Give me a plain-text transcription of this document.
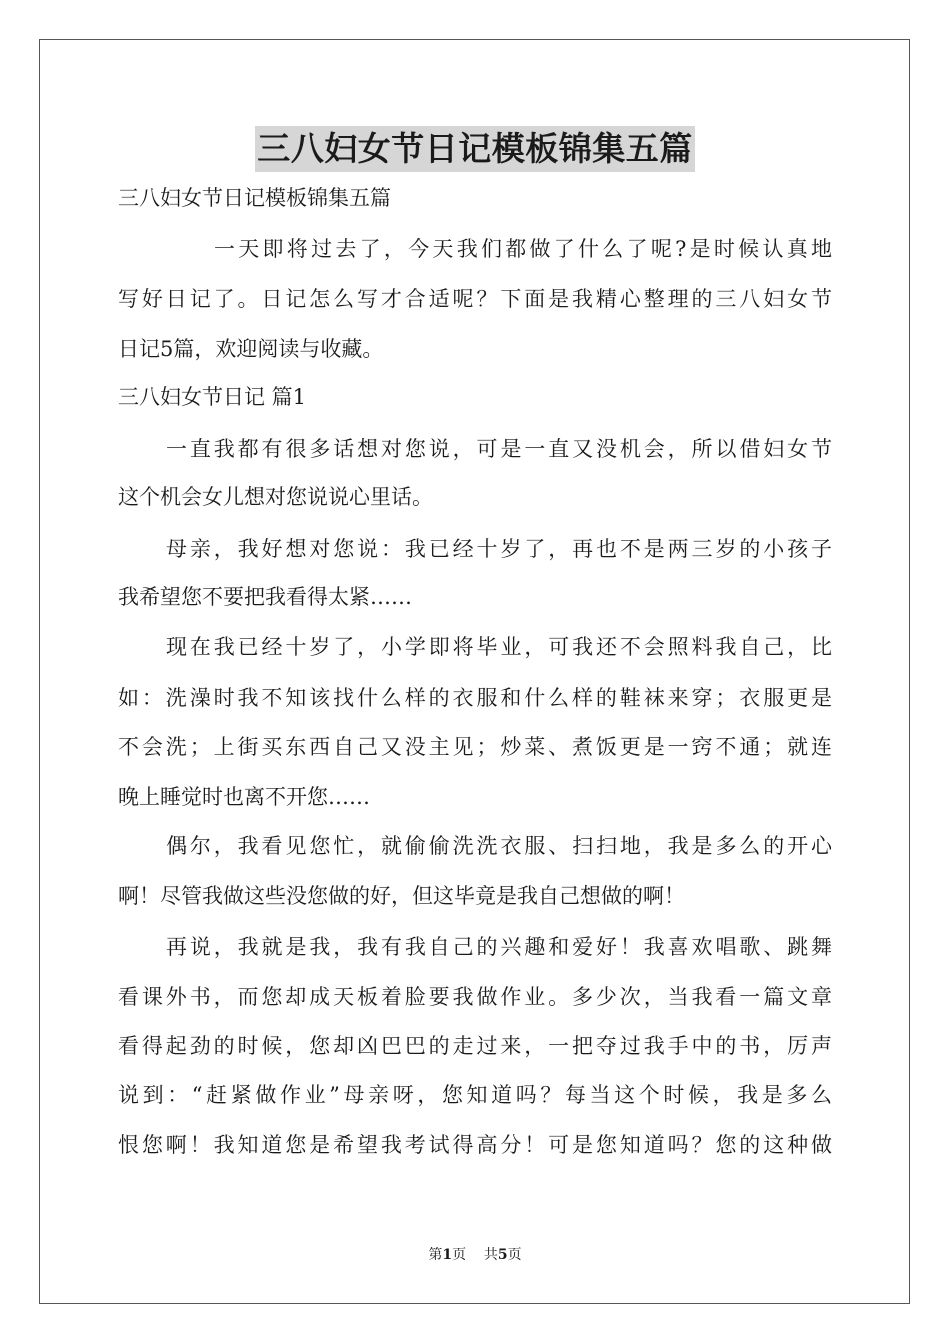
三八妇女节日记模板锦集五篇
三八妇女节日记模板锦集五篇
一天即将过去了，今天我们都做了什么了呢?是时候认真地
写好日记了。日记怎么写才合适呢？下面是我精心整理的三八妇女节
日记5篇，欢迎阅读与收藏。
三八妇女节日记 篇1
一直我都有很多话想对您说，可是一直又没机会，所以借妇女节
这个机会女儿想对您说说心里话。
母亲，我好想对您说：我已经十岁了，再也不是两三岁的小孩子
我希望您不要把我看得太紧……
现在我已经十岁了，小学即将毕业，可我还不会照料我自己，比
如：洗澡时我不知该找什么样的衣服和什么样的鞋袜来穿；衣服更是
不会洗；上街买东西自己又没主见；炒菜、煮饭更是一窍不通；就连
晚上睡觉时也离不开您……
偶尔，我看见您忙，就偷偷洗洗衣服、扫扫地，我是多么的开心
啊！尽管我做这些没您做的好，但这毕竟是我自己想做的啊！
再说，我就是我，我有我自己的兴趣和爱好！我喜欢唱歌、跳舞
看课外书，而您却成天板着脸要我做作业。多少次，当我看一篇文章
看得起劲的时候，您却凶巴巴的走过来，一把夺过我手中的书，厉声
说到：“赶紧做作业”母亲呀，您知道吗？每当这个时候，我是多么
恨您啊！我知道您是希望我考试得高分！可是您知道吗？您的这种做
第1页 共5页
